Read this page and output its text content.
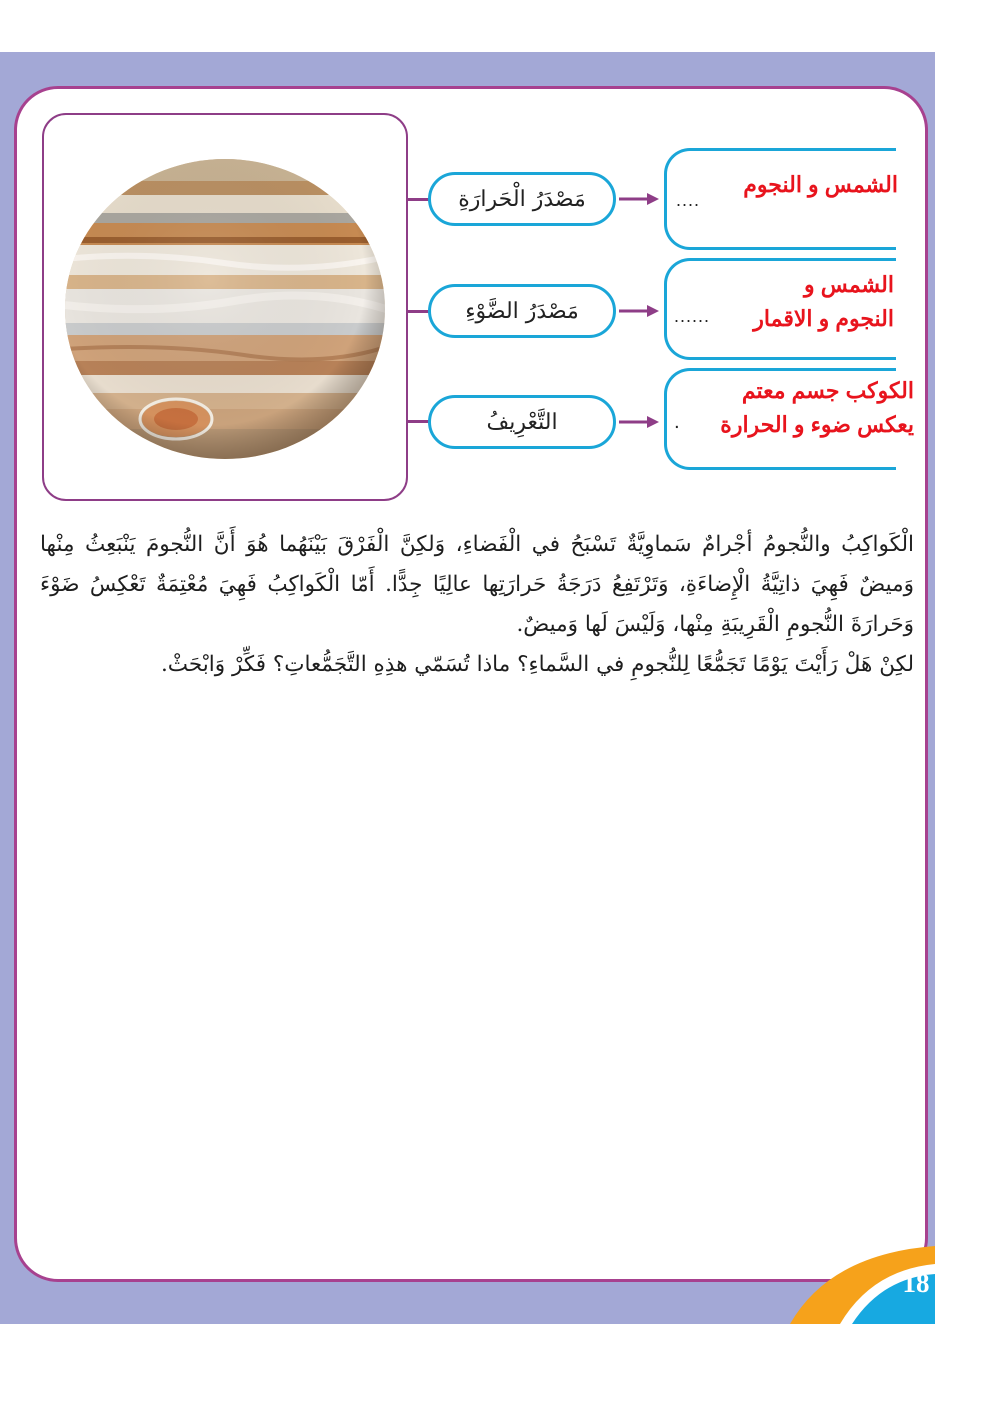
مَصْدَرُ الْحَرارَةِ	....
الشمس و النجوم
مَصْدَرُ الضَّوْءِ	......
الشمس و
النجوم و الاقمار
التَّعْرِيفُ	٠
الكوكب جسم معتم
يعكس ضوء و الحرارة

الْكَواكِبُ والنُّجومُ أجْرامٌ سَماوِيَّةٌ تَسْبَحُ في الْفَضاءِ، وَلكِنَّ الْفَرْقَ بَيْنَهُما هُوَ أَنَّ النُّجومَ يَنْبَعِثُ مِنْها وَميضٌ فَهِيَ ذاتِيَّةُ الْإِضاءَةِ، وَتَرْتَفِعُ دَرَجَةُ حَرارَتِها عالِيًا جِدًّا. أَمّا الْكَواكِبُ فَهِيَ مُعْتِمَةٌ تَعْكِسُ ضَوْءَ وَحَرارَةَ النُّجومِ الْقَرِيبَةِ مِنْها، وَلَيْسَ لَها وَميضٌ.

لكِنْ هَلْ رَأَيْتَ يَوْمًا تَجَمُّعًا لِلنُّجومِ في السَّماءِ؟ ماذا تُسَمّي هذِهِ التَّجَمُّعاتِ؟ فَكِّرْ وَابْحَثْ.

18
